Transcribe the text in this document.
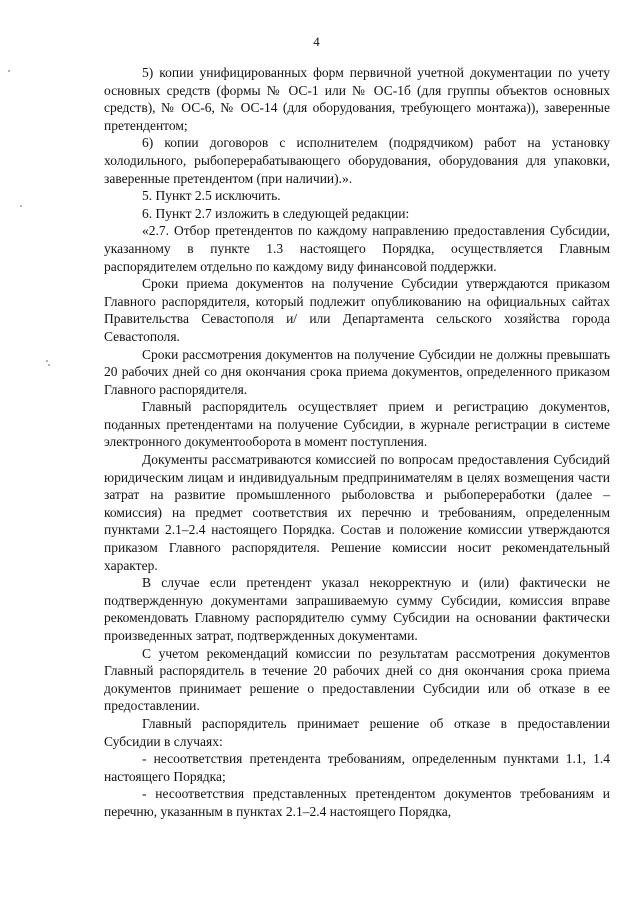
4

5) копии унифицированных форм первичной учетной документации по учету основных средств (формы № ОС-1 или № ОС-1б (для группы объектов основных средств), № ОС-6, № ОС-14 (для оборудования, требующего монтажа)), заверенные претендентом;

6) копии договоров с исполнителем (подрядчиком) работ на установку холодильного, рыбоперерабатывающего оборудования, оборудования для упаковки, заверенные претендентом (при наличии).».

5. Пункт 2.5 исключить.

6. Пункт 2.7 изложить в следующей редакции:

«2.7. Отбор претендентов по каждому направлению предоставления Субсидии, указанному в пункте 1.3 настоящего Порядка, осуществляется Главным распорядителем отдельно по каждому виду финансовой поддержки.

Сроки приема документов на получение Субсидии утверждаются приказом Главного распорядителя, который подлежит опубликованию на официальных сайтах Правительства Севастополя и/ или Департамента сельского хозяйства города Севастополя.

Сроки рассмотрения документов на получение Субсидии не должны превышать 20 рабочих дней со дня окончания срока приема документов, определенного приказом Главного распорядителя.

Главный распорядитель осуществляет прием и регистрацию документов, поданных претендентами на получение Субсидии, в журнале регистрации в системе электронного документооборота в момент поступления.

Документы рассматриваются комиссией по вопросам предоставления Субсидий юридическим лицам и индивидуальным предпринимателям в целях возмещения части затрат на развитие промышленного рыболовства и рыбопереработки (далее – комиссия) на предмет соответствия их перечню и требованиям, определенным пунктами 2.1–2.4 настоящего Порядка. Состав и положение комиссии утверждаются приказом Главного распорядителя. Решение комиссии носит рекомендательный характер.

В случае если претендент указал некорректную и (или) фактически не подтвержденную документами запрашиваемую сумму Субсидии, комиссия вправе рекомендовать Главному распорядителю сумму Субсидии на основании фактически произведенных затрат, подтвержденных документами.

С учетом рекомендаций комиссии по результатам рассмотрения документов Главный распорядитель в течение 20 рабочих дней со дня окончания срока приема документов принимает решение о предоставлении Субсидии или об отказе в ее предоставлении.

Главный распорядитель принимает решение об отказе в предоставлении Субсидии в случаях:

- несоответствия претендента требованиям, определенным пунктами 1.1, 1.4 настоящего Порядка;

- несоответствия представленных претендентом документов требованиям и перечню, указанным в пунктах 2.1–2.4 настоящего Порядка,
